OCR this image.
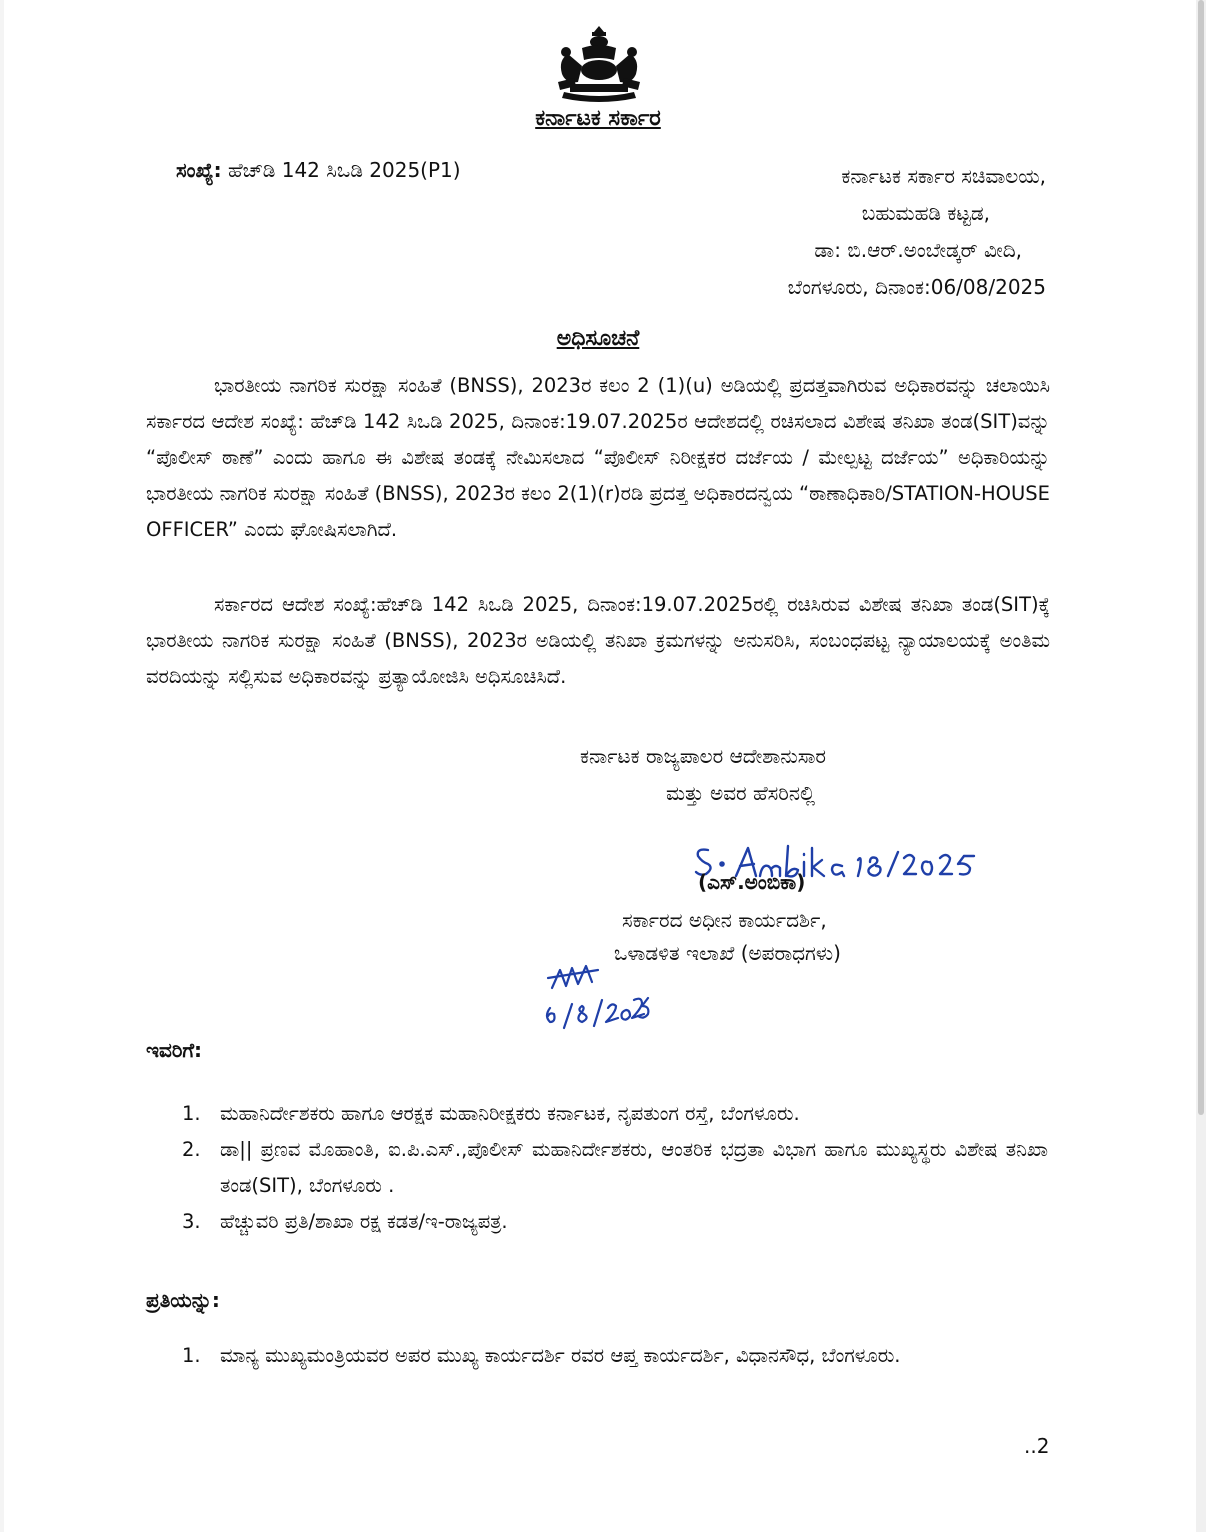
ಕರ್ನಾಟಕ ಸರ್ಕಾರ
ಸಂಖ್ಯೆ: ಹೆಚ್‌ಡಿ 142 ಸಿಒಡಿ 2025(P1)	ಕರ್ನಾಟಕ ಸರ್ಕಾರ ಸಚಿವಾಲಯ,
ಬಹುಮಹಡಿ ಕಟ್ಟಡ,
ಡಾ: ಬಿ.ಆರ್.ಅಂಬೇಡ್ಕರ್ ವೀದಿ,
ಬೆಂಗಳೂರು, ದಿನಾಂಕ:06/08/2025
ಅಧಿಸೂಚನೆ
ಭಾರತೀಯ ನಾಗರಿಕ ಸುರಕ್ಷಾ ಸಂಹಿತೆ (BNSS), 2023ರ ಕಲಂ 2 (1)(u) ಅಡಿಯಲ್ಲಿ ಪ್ರದತ್ತವಾಗಿರುವ ಅಧಿಕಾರವನ್ನು ಚಲಾಯಿಸಿ ಸರ್ಕಾರದ ಆದೇಶ ಸಂಖ್ಯೆ: ಹೆಚ್‌ಡಿ 142 ಸಿಒಡಿ 2025, ದಿನಾಂಕ:19.07.2025ರ ಆದೇಶದಲ್ಲಿ ರಚಿಸಲಾದ ವಿಶೇಷ ತನಿಖಾ ತಂಡ(SIT)ವನ್ನು “ಪೊಲೀಸ್ ಠಾಣೆ” ಎಂದು ಹಾಗೂ ಈ ವಿಶೇಷ ತಂಡಕ್ಕೆ ನೇಮಿಸಲಾದ “ಪೊಲೀಸ್ ನಿರೀಕ್ಷಕರ ದರ್ಜೆಯ / ಮೇಲ್ಪಟ್ಟ ದರ್ಜೆಯ” ಅಧಿಕಾರಿಯನ್ನು ಭಾರತೀಯ ನಾಗರಿಕ ಸುರಕ್ಷಾ ಸಂಹಿತೆ (BNSS), 2023ರ ಕಲಂ 2(1)(r)ರಡಿ ಪ್ರದತ್ತ ಅಧಿಕಾರದನ್ವಯ “ಠಾಣಾಧಿಕಾರಿ/STATION-HOUSE OFFICER” ಎಂದು ಘೋಷಿಸಲಾಗಿದೆ.
ಸರ್ಕಾರದ ಆದೇಶ ಸಂಖ್ಯೆ:ಹೆಚ್‌ಡಿ 142 ಸಿಒಡಿ 2025, ದಿನಾಂಕ:19.07.2025ರಲ್ಲಿ ರಚಿಸಿರುವ ವಿಶೇಷ ತನಿಖಾ ತಂಡ(SIT)ಕ್ಕೆ ಭಾರತೀಯ ನಾಗರಿಕ ಸುರಕ್ಷಾ ಸಂಹಿತೆ (BNSS), 2023ರ ಅಡಿಯಲ್ಲಿ ತನಿಖಾ ಕ್ರಮಗಳನ್ನು ಅನುಸರಿಸಿ, ಸಂಬಂಧಪಟ್ಟ ನ್ಯಾಯಾಲಯಕ್ಕೆ ಅಂತಿಮ ವರದಿಯನ್ನು ಸಲ್ಲಿಸುವ ಅಧಿಕಾರವನ್ನು ಪ್ರತ್ಯಾಯೋಜಿಸಿ ಅಧಿಸೂಚಿಸಿದೆ.
ಕರ್ನಾಟಕ ರಾಜ್ಯಪಾಲರ ಆದೇಶಾನುಸಾರ
ಮತ್ತು ಅವರ ಹೆಸರಿನಲ್ಲಿ
(ಎಸ್.ಅಂಬಿಕಾ)
ಸರ್ಕಾರದ ಅಧೀನ ಕಾರ್ಯದರ್ಶಿ,
ಒಳಾಡಳಿತ ಇಲಾಖೆ (ಅಪರಾಧಗಳು)
ಇವರಿಗೆ:
1. ಮಹಾನಿರ್ದೇಶಕರು ಹಾಗೂ ಆರಕ್ಷಕ ಮಹಾನಿರೀಕ್ಷಕರು ಕರ್ನಾಟಕ, ನೃಪತುಂಗ ರಸ್ತೆ, ಬೆಂಗಳೂರು.
2. ಡಾ|| ಪ್ರಣವ ಮೊಹಾಂತಿ, ಐ.ಪಿ.ಎಸ್.,ಪೊಲೀಸ್ ಮಹಾನಿರ್ದೇಶಕರು, ಆಂತರಿಕ ಭದ್ರತಾ ವಿಭಾಗ ಹಾಗೂ ಮುಖ್ಯಸ್ಥರು ವಿಶೇಷ ತನಿಖಾ ತಂಡ(SIT), ಬೆಂಗಳೂರು .
3. ಹೆಚ್ಚುವರಿ ಪ್ರತಿ/ಶಾಖಾ ರಕ್ಷ ಕಡತ/ಇ-ರಾಜ್ಯಪತ್ರ.
ಪ್ರತಿಯನ್ನು:
1. ಮಾನ್ಯ ಮುಖ್ಯಮಂತ್ರಿಯವರ ಅಪರ ಮುಖ್ಯ ಕಾರ್ಯದರ್ಶಿ ರವರ ಆಪ್ತ ಕಾರ್ಯದರ್ಶಿ, ವಿಧಾನಸೌಧ, ಬೆಂಗಳೂರು.
..2
